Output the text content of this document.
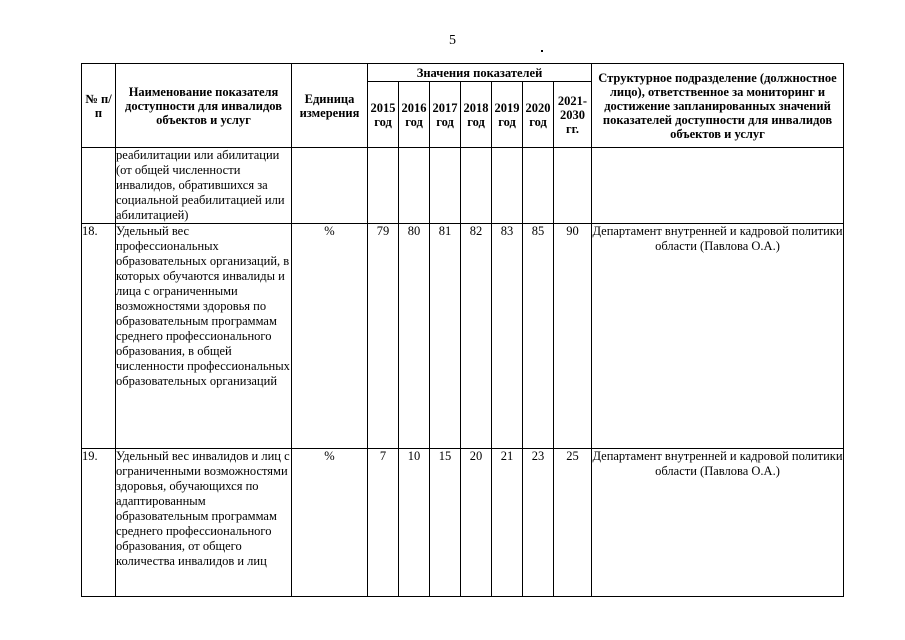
5
№ п/п	Наименование показателя доступности для инвалидов объектов и услуг	Единица измерения	Значения показателей							Структурное подразделение (должностное лицо), ответственное за мониторинг и достижение запланированных значений показателей доступности для инвалидов объектов и услуг
			2015 год	2016 год	2017 год	2018 год	2019 год	2020 год	2021-2030 гг.	
	реабилитации или абилитации (от общей численности инвалидов, обратившихся за социальной реабилитацией или абилитацией)									
18.	Удельный вес профессиональных образовательных организаций, в которых обучаются инвалиды и лица с ограниченными возможностями здоровья по образовательным программам среднего профессионального образования, в общей численности профессиональных образовательных организаций	%	79	80	81	82	83	85	90	Департамент внутренней и кадровой политики области (Павлова О.А.)
19.	Удельный вес инвалидов и лиц с ограниченными возможностями здоровья, обучающихся по адаптированным образовательным программам среднего профессионального образования, от общего количества инвалидов и лиц	%	7	10	15	20	21	23	25	Департамент внутренней и кадровой политики области (Павлова О.А.)
